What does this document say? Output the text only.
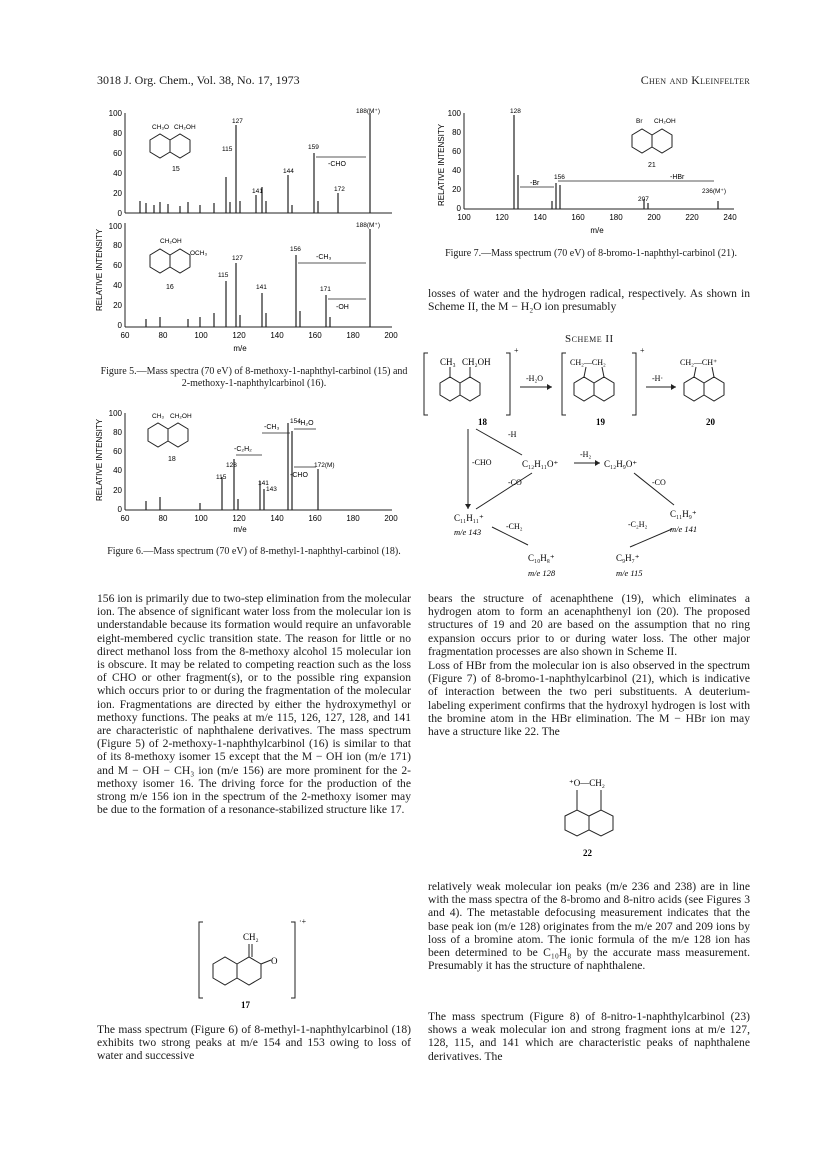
3018 J. Org. Chem., Vol. 38, No. 17, 1973	Chen and Kleinfelter
RELATIVE INTENSITY
100
80
60
40
20
0
127
115	159
144
141	172
188(M⁺)
-CHO
CH₃O CH₂OH
15
100
80
60
40
20
0
127
115
141
156
171
188(M⁺)
-CH₃
-OH
CH₂OH
OCH₃
16
60	80	100	120	140	160	180	200
m/e
Figure 5.—Mass spectra (70 eV) of 8-methoxy-1-naphthyl-carbinol (15) and 2-methoxy-1-naphthylcarbinol (16).
RELATIVE INTENSITY
100
80
60
40
20
0
154
128
115
141
143
172(M)
-CH₃
-C₂H₂
-H₂O
-CHO
CH₃ CH₂OH
18
60	80	100	120	140	160	180	200
m/e
Figure 6.—Mass spectrum (70 eV) of 8-methyl-1-naphthyl-carbinol (18).
RELATIVE INTENSITY
100
80
60
40
20
0
128
156
207
236(M⁺)
-Br
-HBr
Br CH₂OH
21
100	120	140	160	180	200	220	240
m/e
Figure 7.—Mass spectrum (70 eV) of 8-bromo-1-naphthyl-carbinol (21).
losses of water and the hydrogen radical, respectively. As shown in Scheme II, the M − H₂O ion presumably
Scheme II
+
CH₃ CH₂OH
18
-H₂O
+
CH₂—CH₂
19
-H·
CH₂—CH⁺
20
-H
-CHO	C₁₂H₁₁O⁺
-H₂
C₁₂H₉O⁺
-CO	-CO
C₁₁H₁₁⁺
m/e 143
C₁₁H₉⁺
m/e 141
-CH₂	-C₂H₂
C₁₀H₈⁺
m/e 128
C₉H₇⁺
m/e 115
156 ion is primarily due to two-step elimination from the molecular ion. The absence of significant water loss from the molecular ion is understandable because its formation would require an unfavorable eight-membered cyclic transition state. The reason for little or no direct methanol loss from the 8-methoxy alcohol 15 molecular ion is obscure. It may be related to competing reaction such as the loss of CHO or other fragment(s), or to the possible ring expansion which occurs prior to or during the fragmentation of the molecular ion. Fragmentations are directed by either the hydroxymethyl or methoxy functions. The peaks at m/e 115, 126, 127, 128, and 141 are characteristic of naphthalene derivatives. The mass spectrum (Figure 5) of 2-methoxy-1-naphthylcarbinol (16) is similar to that of its 8-methoxy isomer 15 except that the M − OH ion (m/e 171) and M − OH − CH₃ ion (m/e 156) are more prominent for the 2-methoxy isomer 16. The driving force for the production of the strong m/e 156 ion in the spectrum of the 2-methoxy isomer may be due to the formation of a resonance-stabilized structure like 17.
·+
CH₂
O
17
The mass spectrum (Figure 6) of 8-methyl-1-naphthylcarbinol (18) exhibits two strong peaks at m/e 154 and 153 owing to loss of water and successive
bears the structure of acenaphthene (19), which eliminates a hydrogen atom to form an acenaphthenyl ion (20). The proposed structures of 19 and 20 are based on the assumption that no ring expansion occurs prior to or during water loss. The other major fragmentation processes are also shown in Scheme II.
Loss of HBr from the molecular ion is also observed in the spectrum (Figure 7) of 8-bromo-1-naphthylcarbinol (21), which is indicative of interaction between the two peri substituents. A deuterium-labeling experiment confirms that the hydroxyl hydrogen is lost with the bromine atom in the HBr elimination. The M − HBr ion may have a structure like 22. The
⁺O—CH₂
22
relatively weak molecular ion peaks (m/e 236 and 238) are in line with the mass spectra of the 8-bromo and 8-nitro acids (see Figures 3 and 4). The metastable defocusing measurement indicates that the base peak ion (m/e 128) originates from the m/e 207 and 209 ions by loss of a bromine atom. The ionic formula of the m/e 128 ion has been determined to be C₁₀H₈ by the accurate mass measurement. Presumably it has the structure of naphthalene.
The mass spectrum (Figure 8) of 8-nitro-1-naphthylcarbinol (23) shows a weak molecular ion and strong fragment ions at m/e 127, 128, 115, and 141 which are characteristic peaks of naphthalene derivatives. The
